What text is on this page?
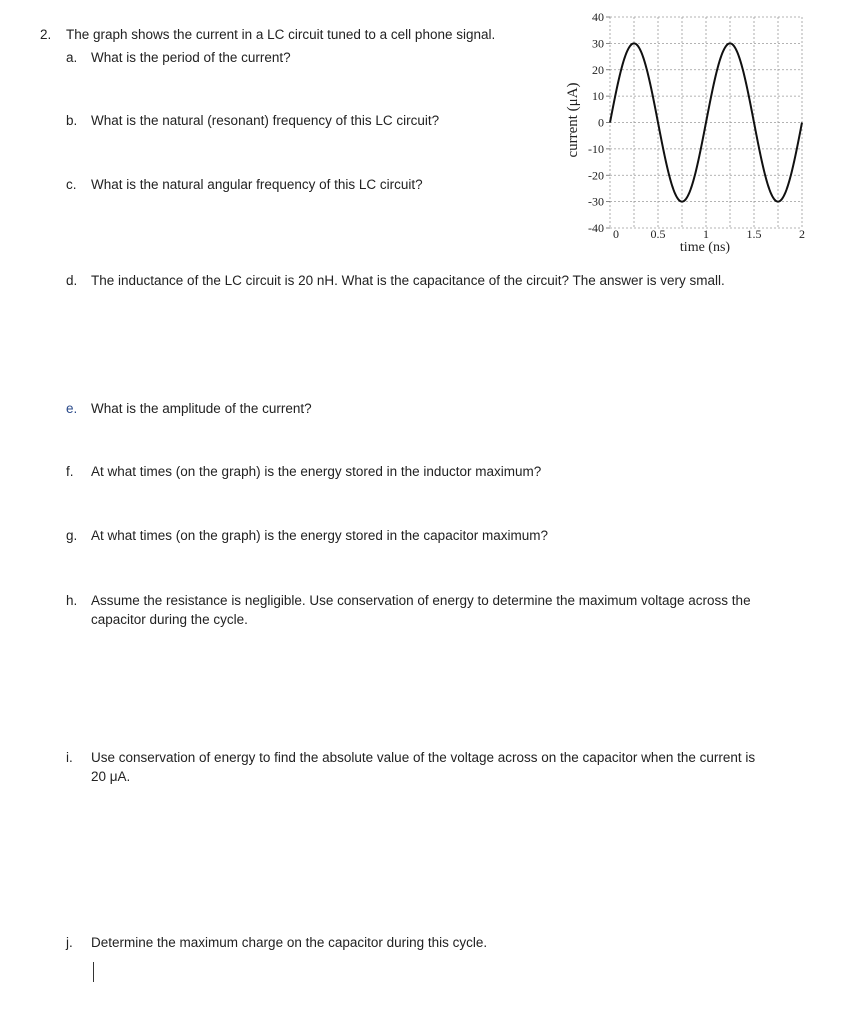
2. The graph shows the current in a LC circuit tuned to a cell phone signal.
a. What is the period of the current?
b. What is the natural (resonant) frequency of this LC circuit?
c. What is the natural angular frequency of this LC circuit?
d. The inductance of the LC circuit is 20 nH. What is the capacitance of the circuit? The answer is very small.
e. What is the amplitude of the current?
f. At what times (on the graph) is the energy stored in the inductor maximum?
g. At what times (on the graph) is the energy stored in the capacitor maximum?
h. Assume the resistance is negligible. Use conservation of energy to determine the maximum voltage across the
capacitor during the cycle.
i. Use conservation of energy to find the absolute value of the voltage across on the capacitor when the current is
20 μA.
j. Determine the maximum charge on the capacitor during this cycle.
40
30
20
10
0
-10
-20
-30
-40 0	0.5	1	1.5	2
current (μA)
time (ns)
